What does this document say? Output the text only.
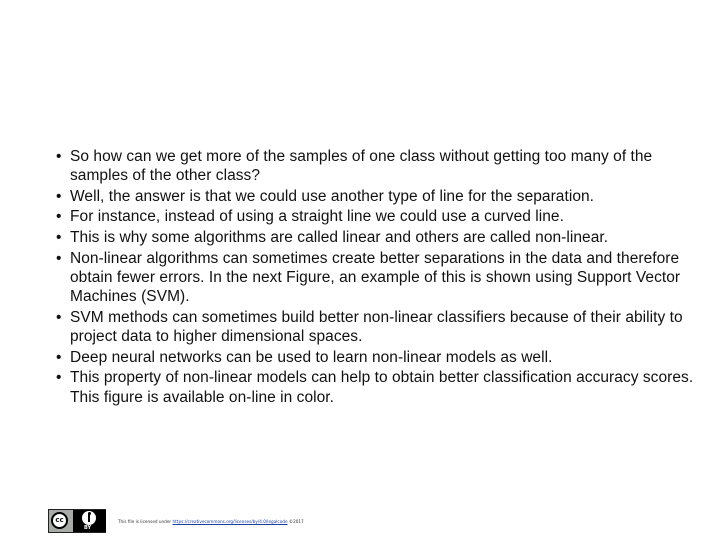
• So how can we get more of the samples of one class without getting too many of the samples of the other class?
• Well, the answer is that we could use another type of line for the separation.
• For instance, instead of using a straight line we could use a curved line.
• This is why some algorithms are called linear and others are called non-linear.
• Non-linear algorithms can sometimes create better separations in the data and therefore obtain fewer errors. In the next Figure, an example of this is shown using Support Vector Machines (SVM).
• SVM methods can sometimes build better non-linear classifiers because of their ability to project data to higher dimensional spaces.
• Deep neural networks can be used to learn non-linear models as well.
• This property of non-linear models can help to obtain better classification accuracy scores. This figure is available on-line in color.
cc
BY
This file is licensed under https://creativecommons.org/licenses/by/4.0/legalcode ©2017
